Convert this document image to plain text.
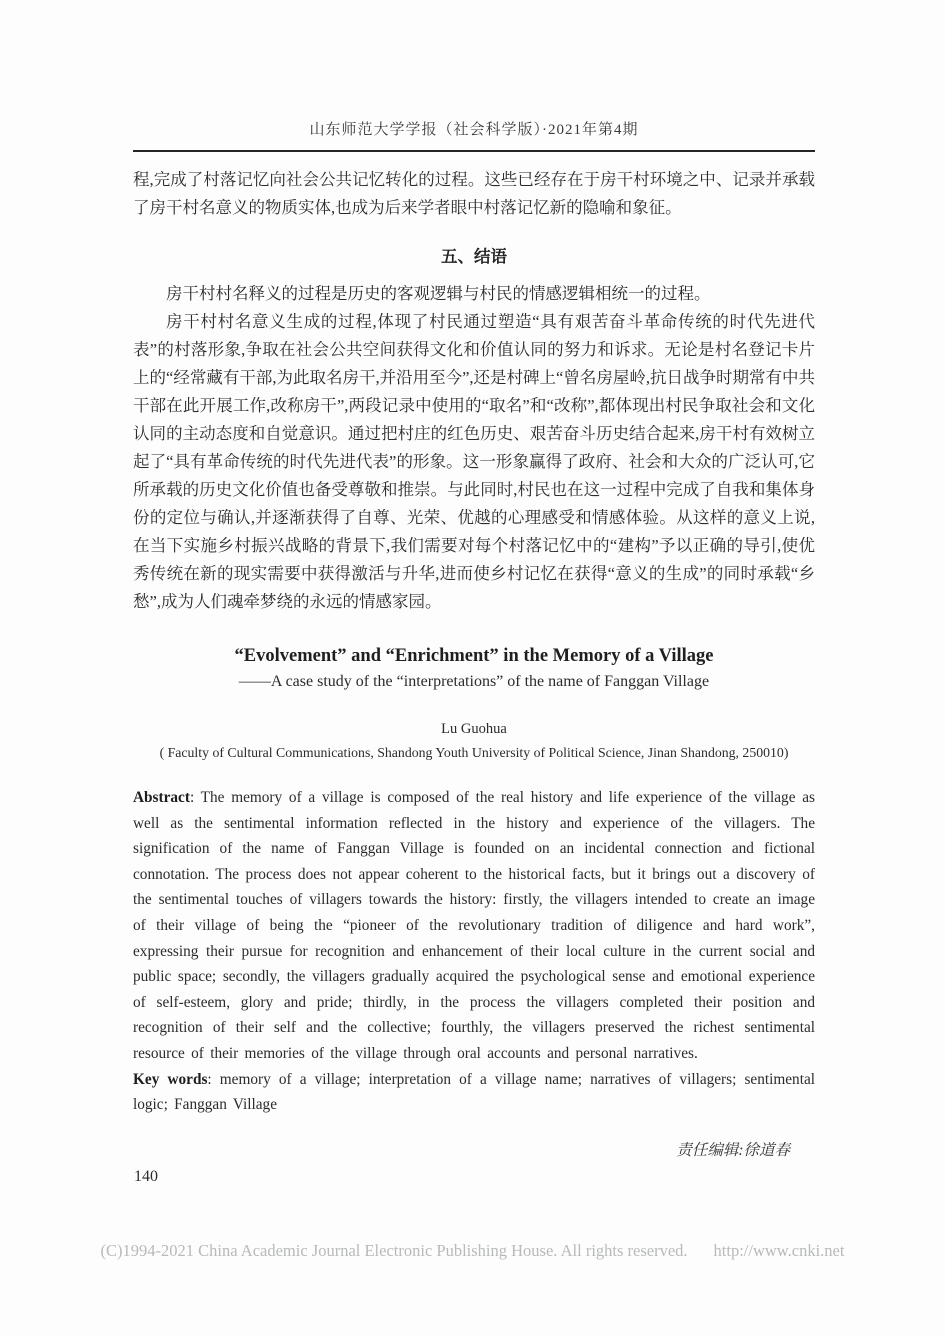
山东师范大学学报（社会科学版）·2021年第4期

程,完成了村落记忆向社会公共记忆转化的过程。这些已经存在于房干村环境之中、记录并承载了房干村名意义的物质实体,也成为后来学者眼中村落记忆新的隐喻和象征。

五、结语

房干村村名释义的过程是历史的客观逻辑与村民的情感逻辑相统一的过程。

房干村村名意义生成的过程,体现了村民通过塑造“具有艰苦奋斗革命传统的时代先进代表”的村落形象,争取在社会公共空间获得文化和价值认同的努力和诉求。无论是村名登记卡片上的“经常藏有干部,为此取名房干,并沿用至今”,还是村碑上“曾名房屋岭,抗日战争时期常有中共干部在此开展工作,改称房干”,两段记录中使用的“取名”和“改称”,都体现出村民争取社会和文化认同的主动态度和自觉意识。通过把村庄的红色历史、艰苦奋斗历史结合起来,房干村有效树立起了“具有革命传统的时代先进代表”的形象。这一形象赢得了政府、社会和大众的广泛认可,它所承载的历史文化价值也备受尊敬和推崇。与此同时,村民也在这一过程中完成了自我和集体身份的定位与确认,并逐渐获得了自尊、光荣、优越的心理感受和情感体验。从这样的意义上说,在当下实施乡村振兴战略的背景下,我们需要对每个村落记忆中的“建构”予以正确的导引,使优秀传统在新的现实需要中获得激活与升华,进而使乡村记忆在获得“意义的生成”的同时承载“乡愁”,成为人们魂牵梦绕的永远的情感家园。

“Evolvement” and “Enrichment” in the Memory of a Village
——A case study of the “interpretations” of the name of Fanggan Village
Lu Guohua
( Faculty of Cultural Communications, Shandong Youth University of Political Science, Jinan Shandong, 250010)

Abstract: The memory of a village is composed of the real history and life experience of the village as well as the sentimental information reflected in the history and experience of the villagers. The signification of the name of Fanggan Village is founded on an incidental connection and fictional connotation. The process does not appear coherent to the historical facts, but it brings out a discovery of the sentimental touches of villagers towards the history: firstly, the villagers intended to create an image of their village of being the “pioneer of the revolutionary tradition of diligence and hard work”, expressing their pursue for recognition and enhancement of their local culture in the current social and public space; secondly, the villagers gradually acquired the psychological sense and emotional experience of self-esteem, glory and pride; thirdly, in the process the villagers completed their position and recognition of their self and the collective; fourthly, the villagers preserved the richest sentimental resource of their memories of the village through oral accounts and personal narratives.

Key words: memory of a village; interpretation of a village name; narratives of villagers; sentimental logic; Fanggan Village

责任编辑:徐道春
140
(C)1994-2021 China Academic Journal Electronic Publishing House. All rights reserved. http://www.cnki.net
